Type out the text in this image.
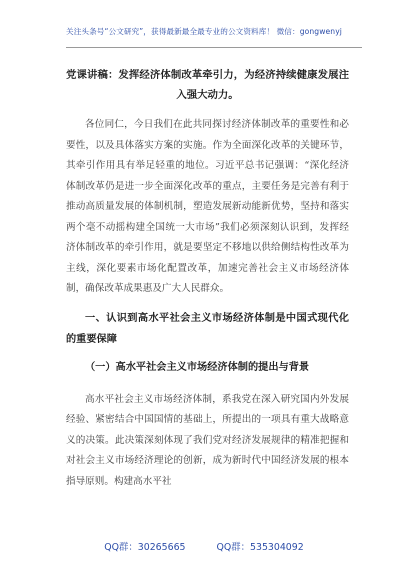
关注头条号“公文研究”，获得最新最全最专业的公文资料库！ 微信：gongwenyj

党课讲稿：发挥经济体制改革牵引力，为经济持续健康发展注入强大动力。

各位同仁，今日我们在此共同探讨经济体制改革的重要性和必要性，以及具体落实方案的实施。作为全面深化改革的关键环节，其牵引作用具有举足轻重的地位。习近平总书记强调：“深化经济体制改革仍是进一步全面深化改革的重点，主要任务是完善有利于推动高质量发展的体制机制，塑造发展新动能新优势，坚持和落实两个毫不动摇构建全国统一大市场”我们必须深刻认识到，发挥经济体制改革的牵引作用，就是要坚定不移地以供给侧结构性改革为主线，深化要素市场化配置改革，加速完善社会主义市场经济体制，确保改革成果惠及广大人民群众。

一、认识到高水平社会主义市场经济体制是中国式现代化的重要保障

（一）高水平社会主义市场经济体制的提出与背景

高水平社会主义市场经济体制，系我党在深入研究国内外发展经验、紧密结合中国国情的基础上，所提出的一项具有重大战略意义的决策。此决策深刻体现了我们党对经济发展规律的精准把握和对社会主义市场经济理论的创新，成为新时代中国经济发展的根本指导原则。构建高水平社

QQ群：30265665	QQ群：535304092
